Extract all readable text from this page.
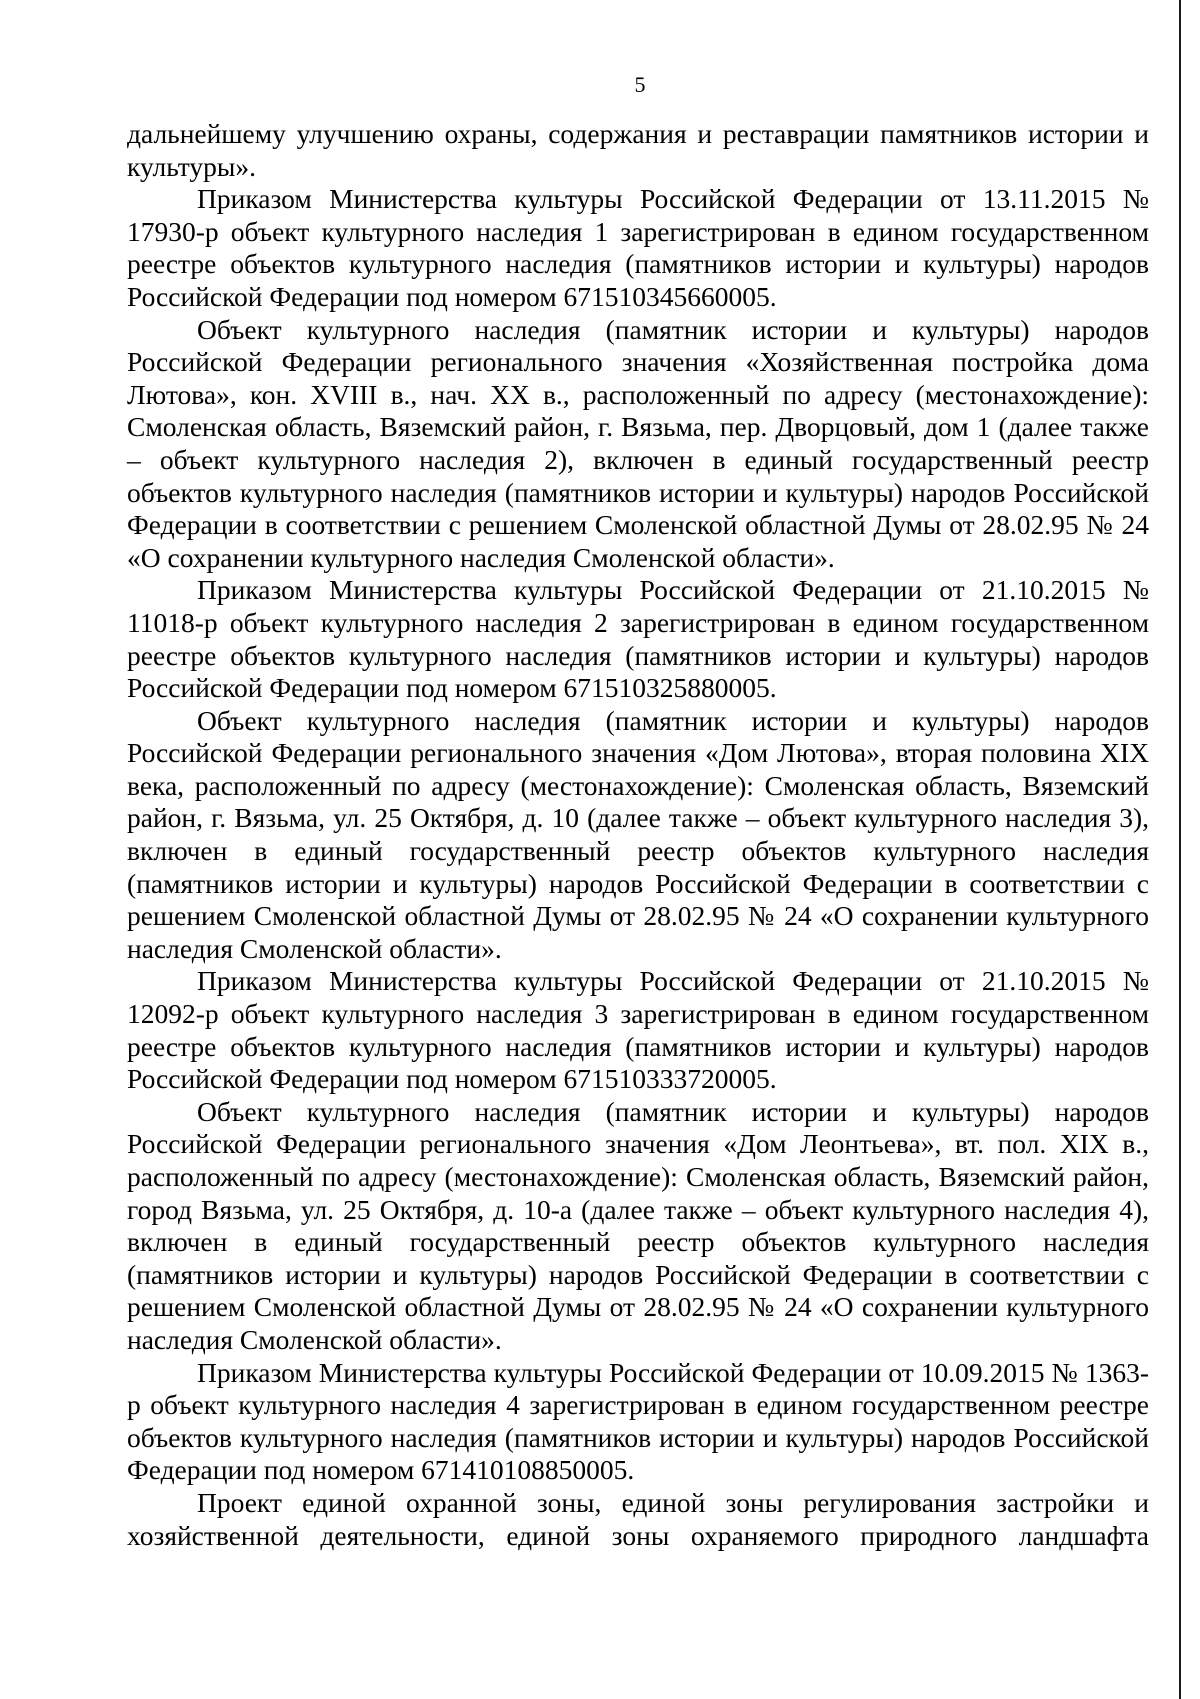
5

дальнейшему улучшению охраны, содержания и реставрации памятников истории и культуры».

Приказом Министерства культуры Российской Федерации от 13.11.2015 № 17930-р объект культурного наследия 1 зарегистрирован в едином государственном реестре объектов культурного наследия (памятников истории и культуры) народов Российской Федерации под номером 671510345660005.

Объект культурного наследия (памятник истории и культуры) народов Российской Федерации регионального значения «Хозяйственная постройка дома Лютова», кон. XVIII в., нач. XX в., расположенный по адресу (местонахождение): Смоленская область, Вяземский район, г. Вязьма, пер. Дворцовый, дом 1 (далее также – объект культурного наследия 2), включен в единый государственный реестр объектов культурного наследия (памятников истории и культуры) народов Российской Федерации в соответствии с решением Смоленской областной Думы от 28.02.95 № 24 «О сохранении культурного наследия Смоленской области».

Приказом Министерства культуры Российской Федерации от 21.10.2015 № 11018-р объект культурного наследия 2 зарегистрирован в едином государственном реестре объектов культурного наследия (памятников истории и культуры) народов Российской Федерации под номером 671510325880005.

Объект культурного наследия (памятник истории и культуры) народов Российской Федерации регионального значения «Дом Лютова», вторая половина XIX века, расположенный по адресу (местонахождение): Смоленская область, Вяземский район, г. Вязьма, ул. 25 Октября, д. 10 (далее также – объект культурного наследия 3), включен в единый государственный реестр объектов культурного наследия (памятников истории и культуры) народов Российской Федерации в соответствии с решением Смоленской областной Думы от 28.02.95 № 24 «О сохранении культурного наследия Смоленской области».

Приказом Министерства культуры Российской Федерации от 21.10.2015 № 12092-р объект культурного наследия 3 зарегистрирован в едином государственном реестре объектов культурного наследия (памятников истории и культуры) народов Российской Федерации под номером 671510333720005.

Объект культурного наследия (памятник истории и культуры) народов Российской Федерации регионального значения «Дом Леонтьева», вт. пол. XIX в., расположенный по адресу (местонахождение): Смоленская область, Вяземский район, город Вязьма, ул. 25 Октября, д. 10-а (далее также – объект культурного наследия 4), включен в единый государственный реестр объектов культурного наследия (памятников истории и культуры) народов Российской Федерации в соответствии с решением Смоленской областной Думы от 28.02.95 № 24 «О сохранении культурного наследия Смоленской области».

Приказом Министерства культуры Российской Федерации от 10.09.2015 № 1363-р объект культурного наследия 4 зарегистрирован в едином государственном реестре объектов культурного наследия (памятников истории и культуры) народов Российской Федерации под номером 671410108850005.

Проект единой охранной зоны, единой зоны регулирования застройки и хозяйственной деятельности, единой зоны охраняемого природного ландшафта
